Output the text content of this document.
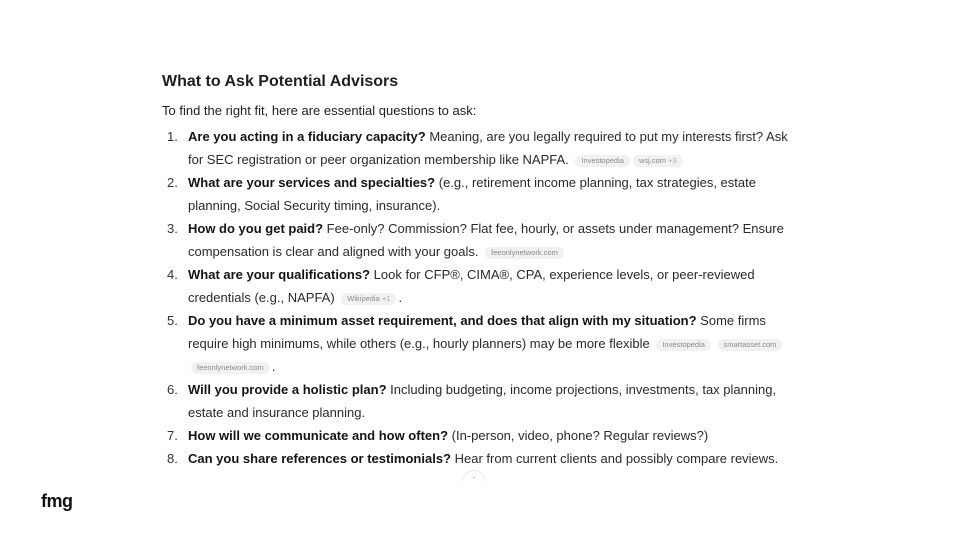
What to Ask Potential Advisors

To find the right fit, here are essential questions to ask:

1. Are you acting in a fiduciary capacity? Meaning, are you legally required to put my interests first? Ask for SEC registration or peer organization membership like NAPFA. Investopedia wsj.com +3
2. What are your services and specialties? (e.g., retirement income planning, tax strategies, estate planning, Social Security timing, insurance).
3. How do you get paid? Fee-only? Commission? Flat fee, hourly, or assets under management? Ensure compensation is clear and aligned with your goals. feeonlynetwork.com
4. What are your qualifications? Look for CFP®, CIMA®, CPA, experience levels, or peer-reviewed credentials (e.g., NAPFA) Wikipedia +1 .
5. Do you have a minimum asset requirement, and does that align with my situation? Some firms require high minimums, while others (e.g., hourly planners) may be more flexible Investopedia smartasset.comfeeonlynetwork.com .
6. Will you provide a holistic plan? Including budgeting, income projections, investments, tax planning, estate and insurance planning.
7. How will we communicate and how often? (In-person, video, phone? Regular reviews?)
8. Can you share references or testimonials? Hear from current clients and possibly compare reviews.
fmg
